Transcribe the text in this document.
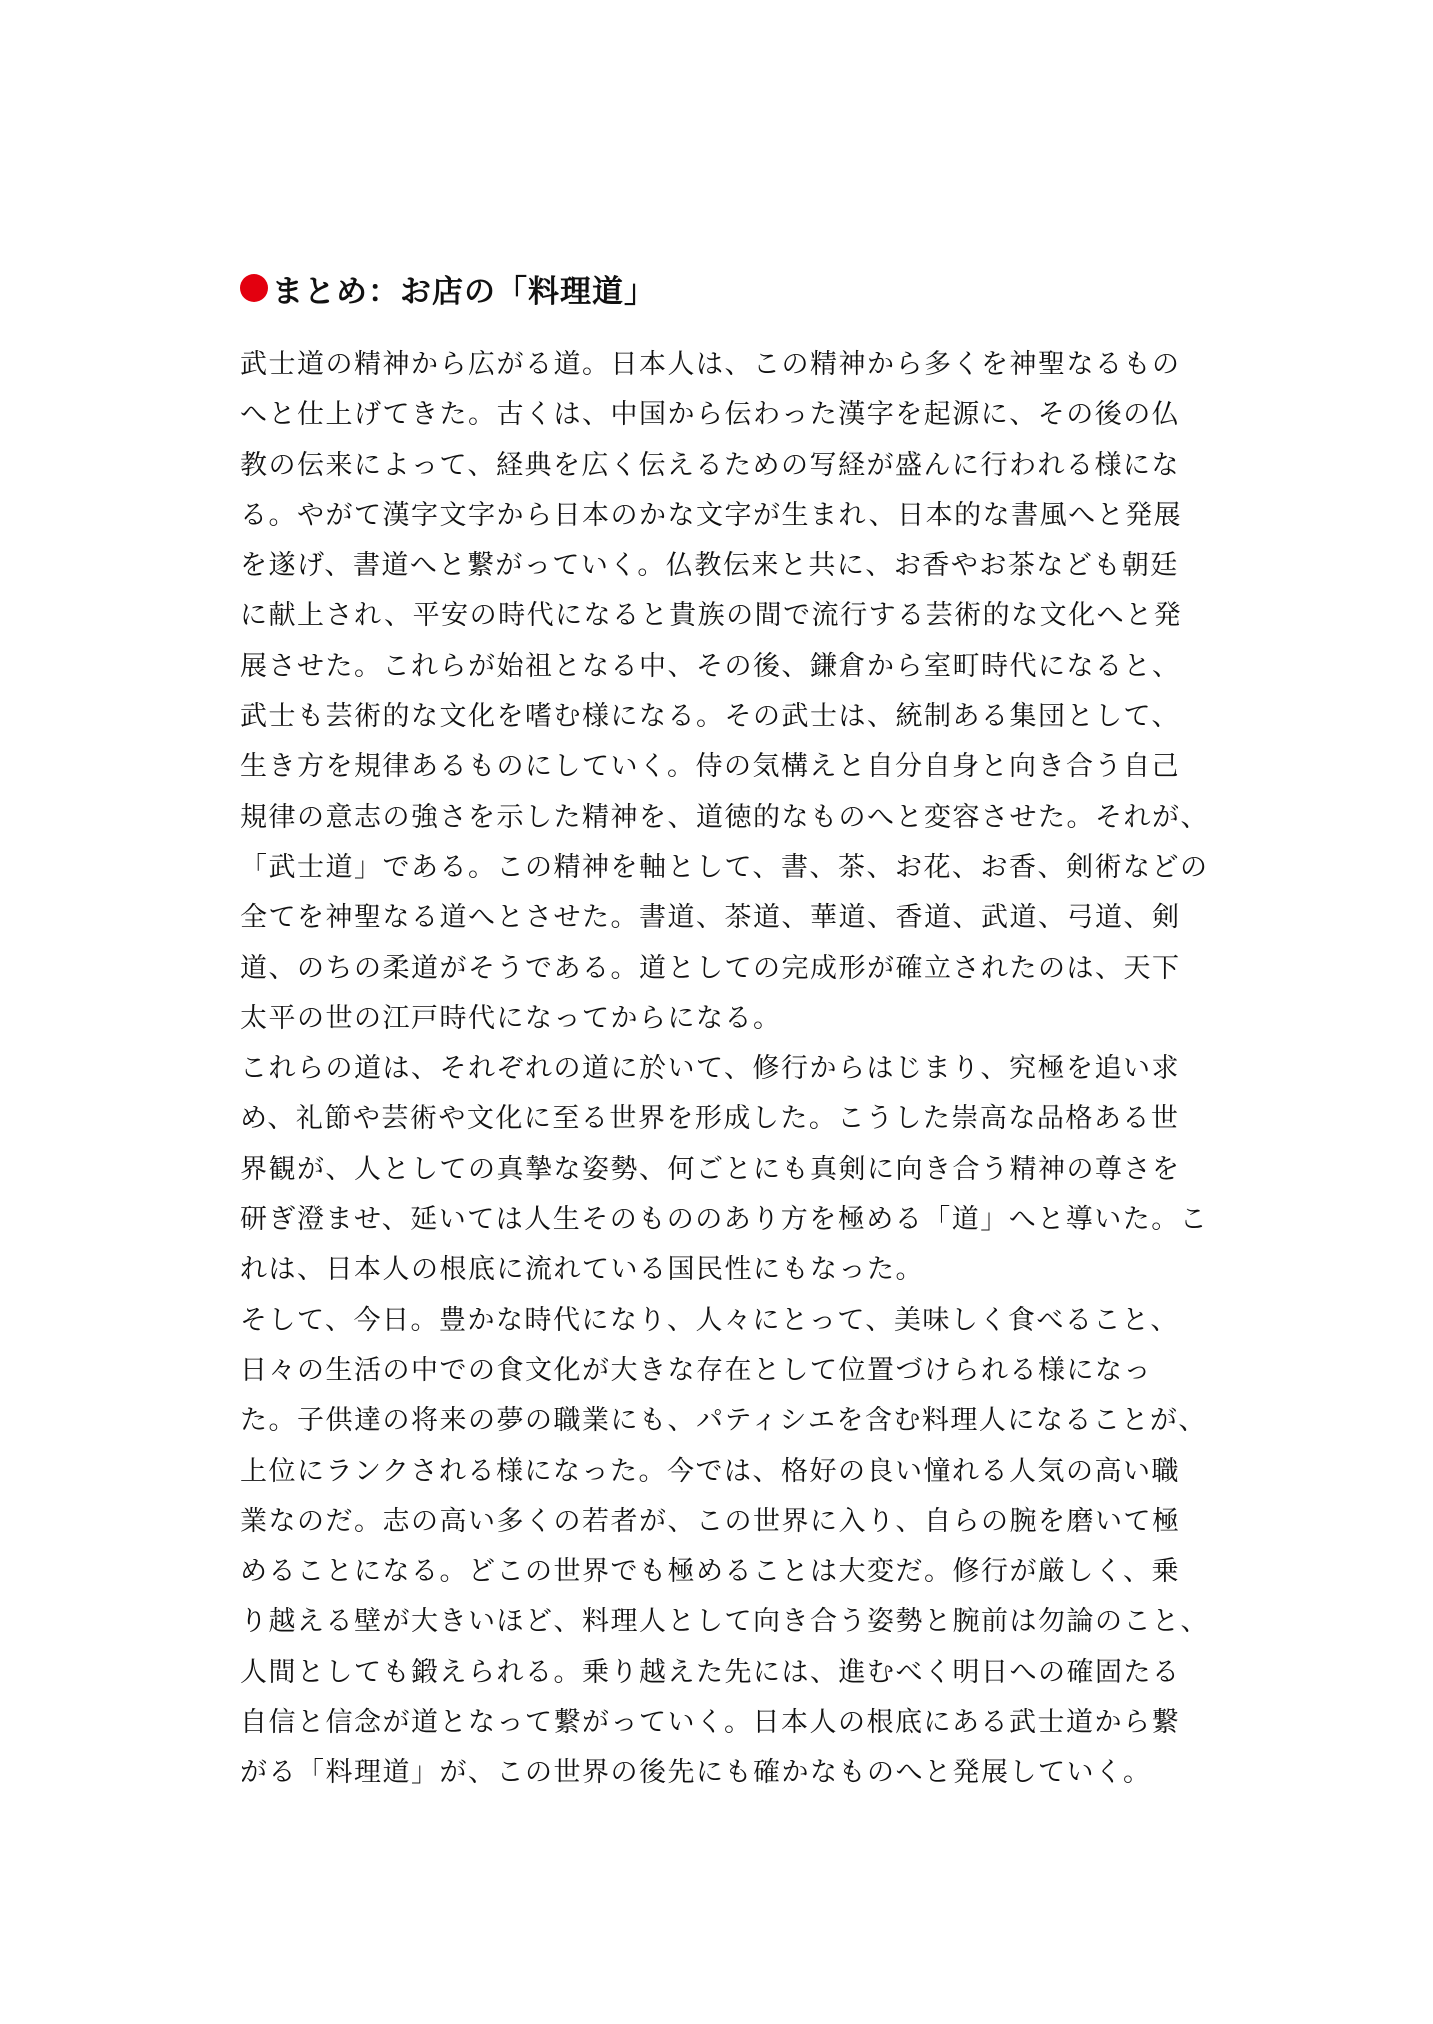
まとめ：お店の「料理道」
武士道の精神から広がる道。日本人は、この精神から多くを神聖なるもの
へと仕上げてきた。古くは、中国から伝わった漢字を起源に、その後の仏
教の伝来によって、経典を広く伝えるための写経が盛んに行われる様にな
る。やがて漢字文字から日本のかな文字が生まれ、日本的な書風へと発展
を遂げ、書道へと繋がっていく。仏教伝来と共に、お香やお茶なども朝廷
に献上され、平安の時代になると貴族の間で流行する芸術的な文化へと発
展させた。これらが始祖となる中、その後、鎌倉から室町時代になると、
武士も芸術的な文化を嗜む様になる。その武士は、統制ある集団として、
生き方を規律あるものにしていく。侍の気構えと自分自身と向き合う自己
規律の意志の強さを示した精神を、道徳的なものへと変容させた。それが、
「武士道」である。この精神を軸として、書、茶、お花、お香、剣術などの
全てを神聖なる道へとさせた。書道、茶道、華道、香道、武道、弓道、剣
道、のちの柔道がそうである。道としての完成形が確立されたのは、天下
太平の世の江戸時代になってからになる。
これらの道は、それぞれの道に於いて、修行からはじまり、究極を追い求
め、礼節や芸術や文化に至る世界を形成した。こうした崇高な品格ある世
界観が、人としての真摯な姿勢、何ごとにも真剣に向き合う精神の尊さを
研ぎ澄ませ、延いては人生そのもののあり方を極める「道」へと導いた。こ
れは、日本人の根底に流れている国民性にもなった。
そして、今日。豊かな時代になり、人々にとって、美味しく食べること、
日々の生活の中での食文化が大きな存在として位置づけられる様になっ
た。子供達の将来の夢の職業にも、パティシエを含む料理人になることが、
上位にランクされる様になった。今では、格好の良い憧れる人気の高い職
業なのだ。志の高い多くの若者が、この世界に入り、自らの腕を磨いて極
めることになる。どこの世界でも極めることは大変だ。修行が厳しく、乗
り越える壁が大きいほど、料理人として向き合う姿勢と腕前は勿論のこと、
人間としても鍛えられる。乗り越えた先には、進むべく明日への確固たる
自信と信念が道となって繋がっていく。日本人の根底にある武士道から繋
がる「料理道」が、この世界の後先にも確かなものへと発展していく。
